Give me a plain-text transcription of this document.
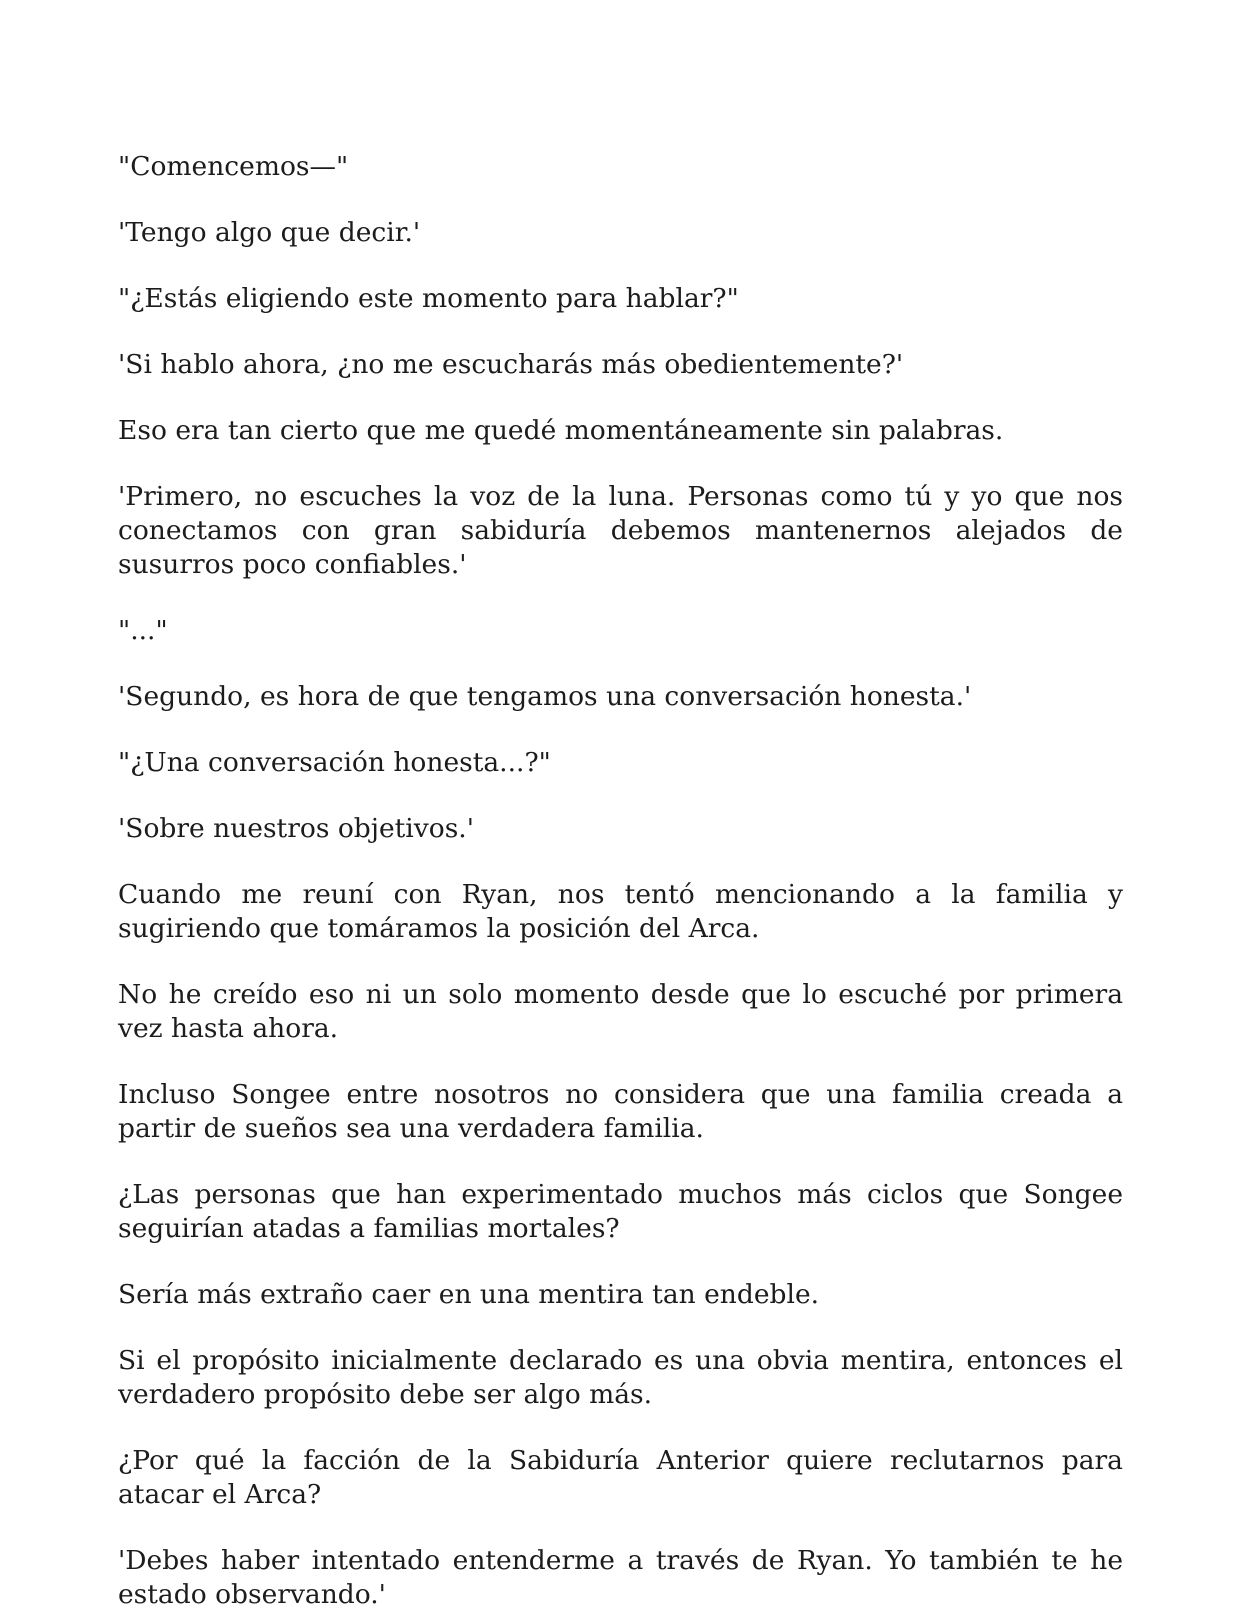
"Comencemos—"

'Tengo algo que decir.'

"¿Estás eligiendo este momento para hablar?"

'Si hablo ahora, ¿no me escucharás más obedientemente?'

Eso era tan cierto que me quedé momentáneamente sin palabras.

'Primero, no escuches la voz de la luna. Personas como tú y yo que nos conectamos con gran sabiduría debemos mantenernos alejados de susurros poco confiables.'

"..."

'Segundo, es hora de que tengamos una conversación honesta.'

"¿Una conversación honesta...?"

'Sobre nuestros objetivos.'

Cuando me reuní con Ryan, nos tentó mencionando a la familia y sugiriendo que tomáramos la posición del Arca.

No he creído eso ni un solo momento desde que lo escuché por primera vez hasta ahora.

Incluso Songee entre nosotros no considera que una familia creada a partir de sueños sea una verdadera familia.

¿Las personas que han experimentado muchos más ciclos que Songee seguirían atadas a familias mortales?

Sería más extraño caer en una mentira tan endeble.

Si el propósito inicialmente declarado es una obvia mentira, entonces el verdadero propósito debe ser algo más.

¿Por qué la facción de la Sabiduría Anterior quiere reclutarnos para atacar el Arca?

'Debes haber intentado entenderme a través de Ryan. Yo también te he estado observando.'
